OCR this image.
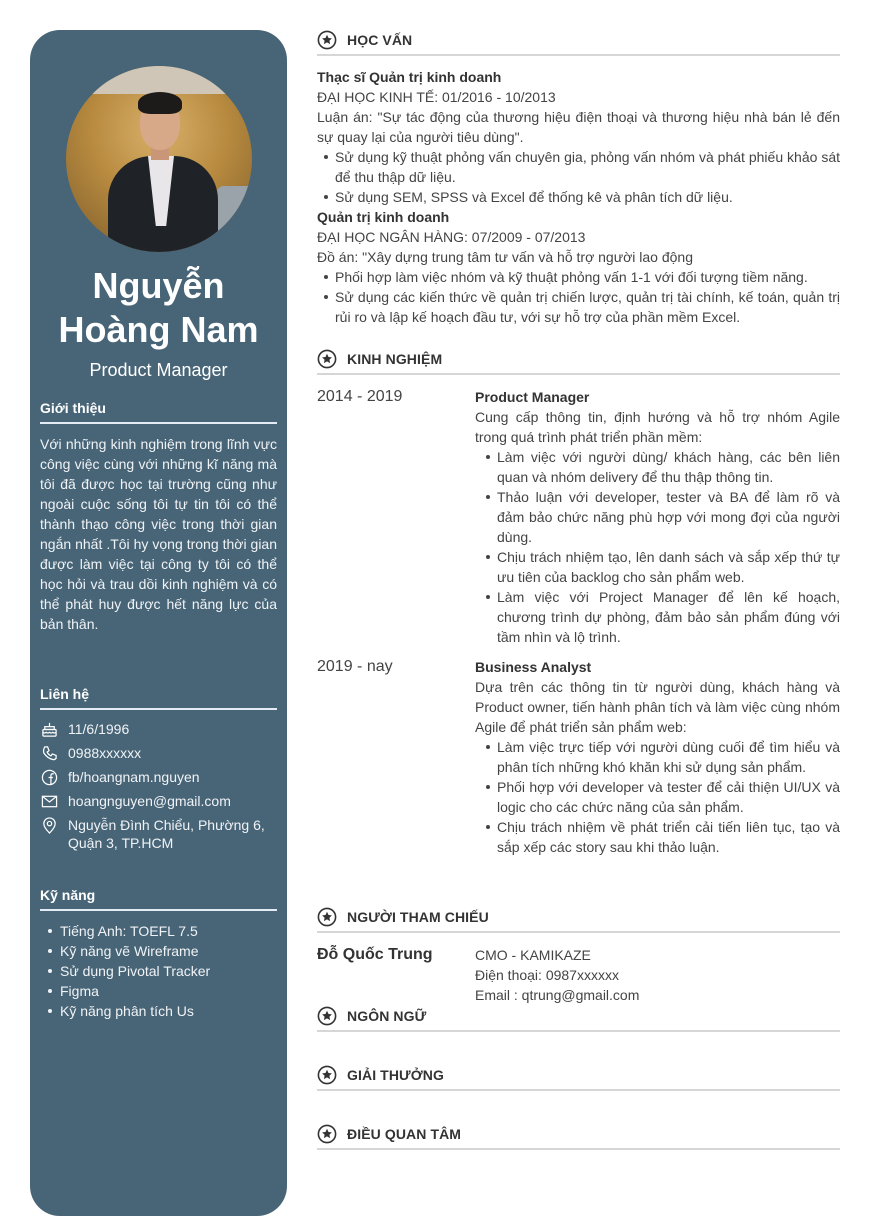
Nguyễn
Hoàng Nam
Product Manager
Giới thiệu
Với những kinh nghiệm trong lĩnh vực công việc cùng với những kĩ năng mà tôi đã được học tại trường cũng như ngoài cuộc sống tôi tự tin tôi có thể thành thạo công việc trong thời gian ngắn nhất .Tôi hy vọng trong thời gian được làm việc tại công ty tôi có thể học hỏi và trau dồi kinh nghiệm và có thể phát huy được hết năng lực của bản thân.
Liên hệ
11/6/1996
0988xxxxxx
fb/hoangnam.nguyen
hoangnguyen@gmail.com
Nguyễn Đình Chiểu, Phường 6, Quận 3, TP.HCM
Kỹ năng
Tiếng Anh: TOEFL 7.5
Kỹ năng vẽ Wireframe
Sử dụng Pivotal Tracker
Figma
Kỹ năng phân tích Us
HỌC VẤN
Thạc sĩ Quản trị kinh doanh
ĐẠI HỌC KINH TẾ: 01/2016 - 10/2013
Luận án: "Sự tác động của thương hiệu điện thoại và thương hiệu nhà bán lẻ đến sự quay lại của người tiêu dùng".
Sử dụng kỹ thuật phỏng vấn chuyên gia, phỏng vấn nhóm và phát phiếu khảo sát để thu thập dữ liệu.
Sử dụng SEM, SPSS và Excel để thống kê và phân tích dữ liệu.
Quản trị kinh doanh
ĐẠI HỌC NGÂN HÀNG: 07/2009 - 07/2013
Đồ án: "Xây dựng trung tâm tư vấn và hỗ trợ người lao động
Phối hợp làm việc nhóm và kỹ thuật phỏng vấn 1-1 với đối tượng tiềm năng.
Sử dụng các kiến thức về quản trị chiến lược, quản trị tài chính, kế toán, quản trị rủi ro và lập kế hoạch đầu tư, với sự hỗ trợ của phần mềm Excel.
KINH NGHIỆM
2014 - 2019	Product Manager
Cung cấp thông tin, định hướng và hỗ trợ nhóm Agile trong quá trình phát triển phần mềm:
Làm việc với người dùng/ khách hàng, các bên liên quan và nhóm delivery để thu thập thông tin.
Thảo luận với developer, tester và BA để làm rõ và đảm bảo chức năng phù hợp với mong đợi của người dùng.
Chịu trách nhiệm tạo, lên danh sách và sắp xếp thứ tự ưu tiên của backlog cho sản phẩm web.
Làm việc với Project Manager để lên kế hoạch, chương trình dự phòng, đảm bảo sản phẩm đúng với tầm nhìn và lộ trình.
2019 - nay	Business Analyst
Dựa trên các thông tin từ người dùng, khách hàng và Product owner, tiến hành phân tích và làm việc cùng nhóm Agile để phát triển sản phẩm web:
Làm việc trực tiếp với người dùng cuối để tìm hiểu và phân tích những khó khăn khi sử dụng sản phẩm.
Phối hợp với developer và tester để cải thiện UI/UX và logic cho các chức năng của sản phẩm.
Chịu trách nhiệm về phát triển cải tiến liên tục, tạo và sắp xếp các story sau khi thảo luận.
NGƯỜI THAM CHIẾU
Đỗ Quốc Trung	CMO - KAMIKAZE
Điện thoại: 0987xxxxxx
Email : qtrung@gmail.com
NGÔN NGỮ
GIẢI THƯỞNG
ĐIỀU QUAN TÂM
